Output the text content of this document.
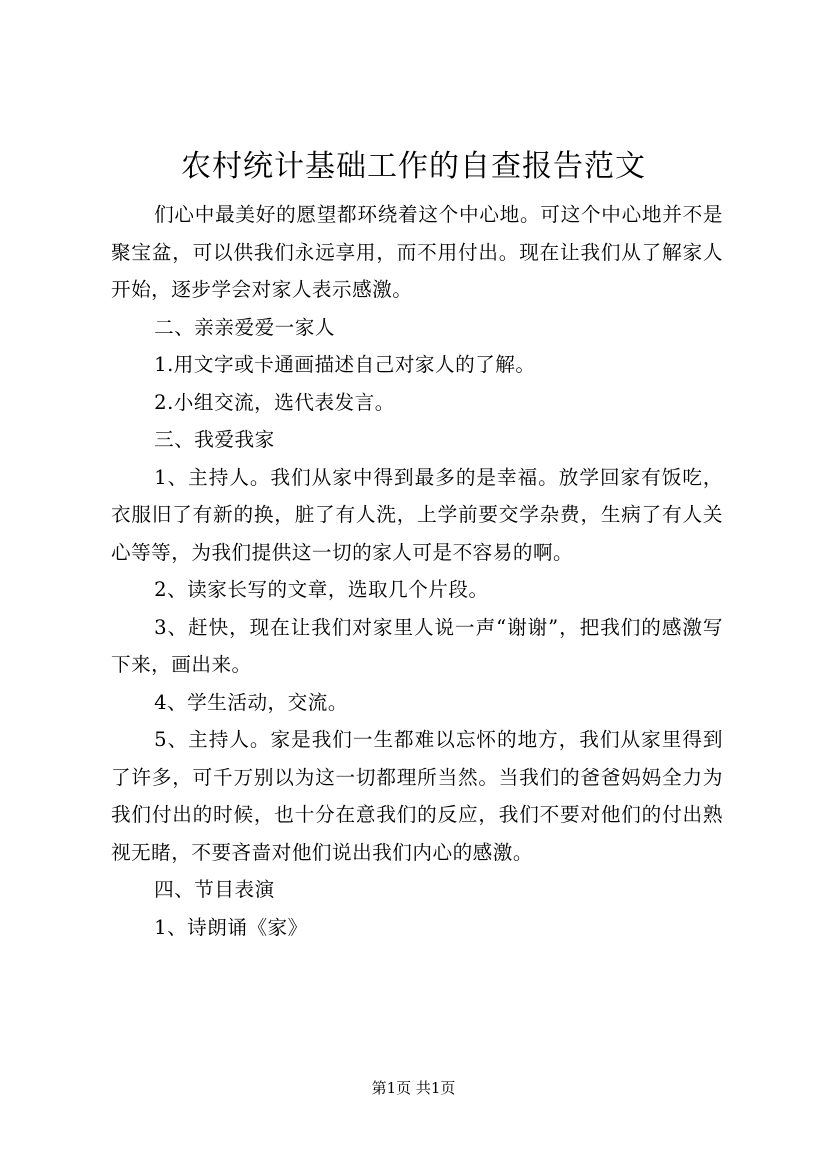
农村统计基础工作的自查报告范文

们心中最美好的愿望都环绕着这个中心地。可这个中心地并不是聚宝盆，可以供我们永远享用，而不用付出。现在让我们从了解家人开始，逐步学会对家人表示感激。

二、亲亲爱爱一家人

1.用文字或卡通画描述自己对家人的了解。

2.小组交流，选代表发言。

三、我爱我家

1、主持人。我们从家中得到最多的是幸福。放学回家有饭吃，衣服旧了有新的换，脏了有人洗，上学前要交学杂费，生病了有人关心等等，为我们提供这一切的家人可是不容易的啊。

2、读家长写的文章，选取几个片段。

3、赶快，现在让我们对家里人说一声“谢谢”，把我们的感激写下来，画出来。

4、学生活动，交流。

5、主持人。家是我们一生都难以忘怀的地方，我们从家里得到了许多，可千万别以为这一切都理所当然。当我们的爸爸妈妈全力为我们付出的时候，也十分在意我们的反应，我们不要对他们的付出熟视无睹，不要吝啬对他们说出我们内心的感激。

四、节目表演

1、诗朗诵《家》

第1页 共1页
